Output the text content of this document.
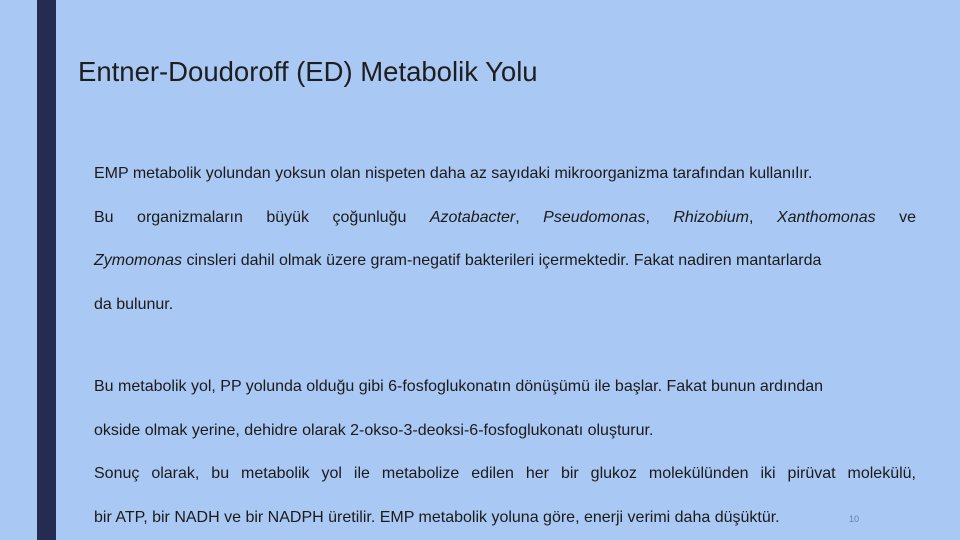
Entner-Doudoroff (ED) Metabolik Yolu
EMP metabolik yolundan yoksun olan nispeten daha az sayıdaki mikroorganizma tarafından kullanılır.
Bu organizmaların büyük çoğunluğu Azotabacter, Pseudomonas, Rhizobium, Xanthomonas ve
Zymomonas cinsleri dahil olmak üzere gram-negatif bakterileri içermektedir. Fakat nadiren mantarlarda
da bulunur.
Bu metabolik yol, PP yolunda olduğu gibi 6-fosfoglukonatın dönüşümü ile başlar. Fakat bunun ardından
okside olmak yerine, dehidre olarak 2-okso-3-deoksi-6-fosfoglukonatı oluşturur.
Sonuç olarak, bu metabolik yol ile metabolize edilen her bir glukoz molekülünden iki pirüvat molekülü,
bir ATP, bir NADH ve bir NADPH üretilir. EMP metabolik yoluna göre, enerji verimi daha düşüktür.	10
